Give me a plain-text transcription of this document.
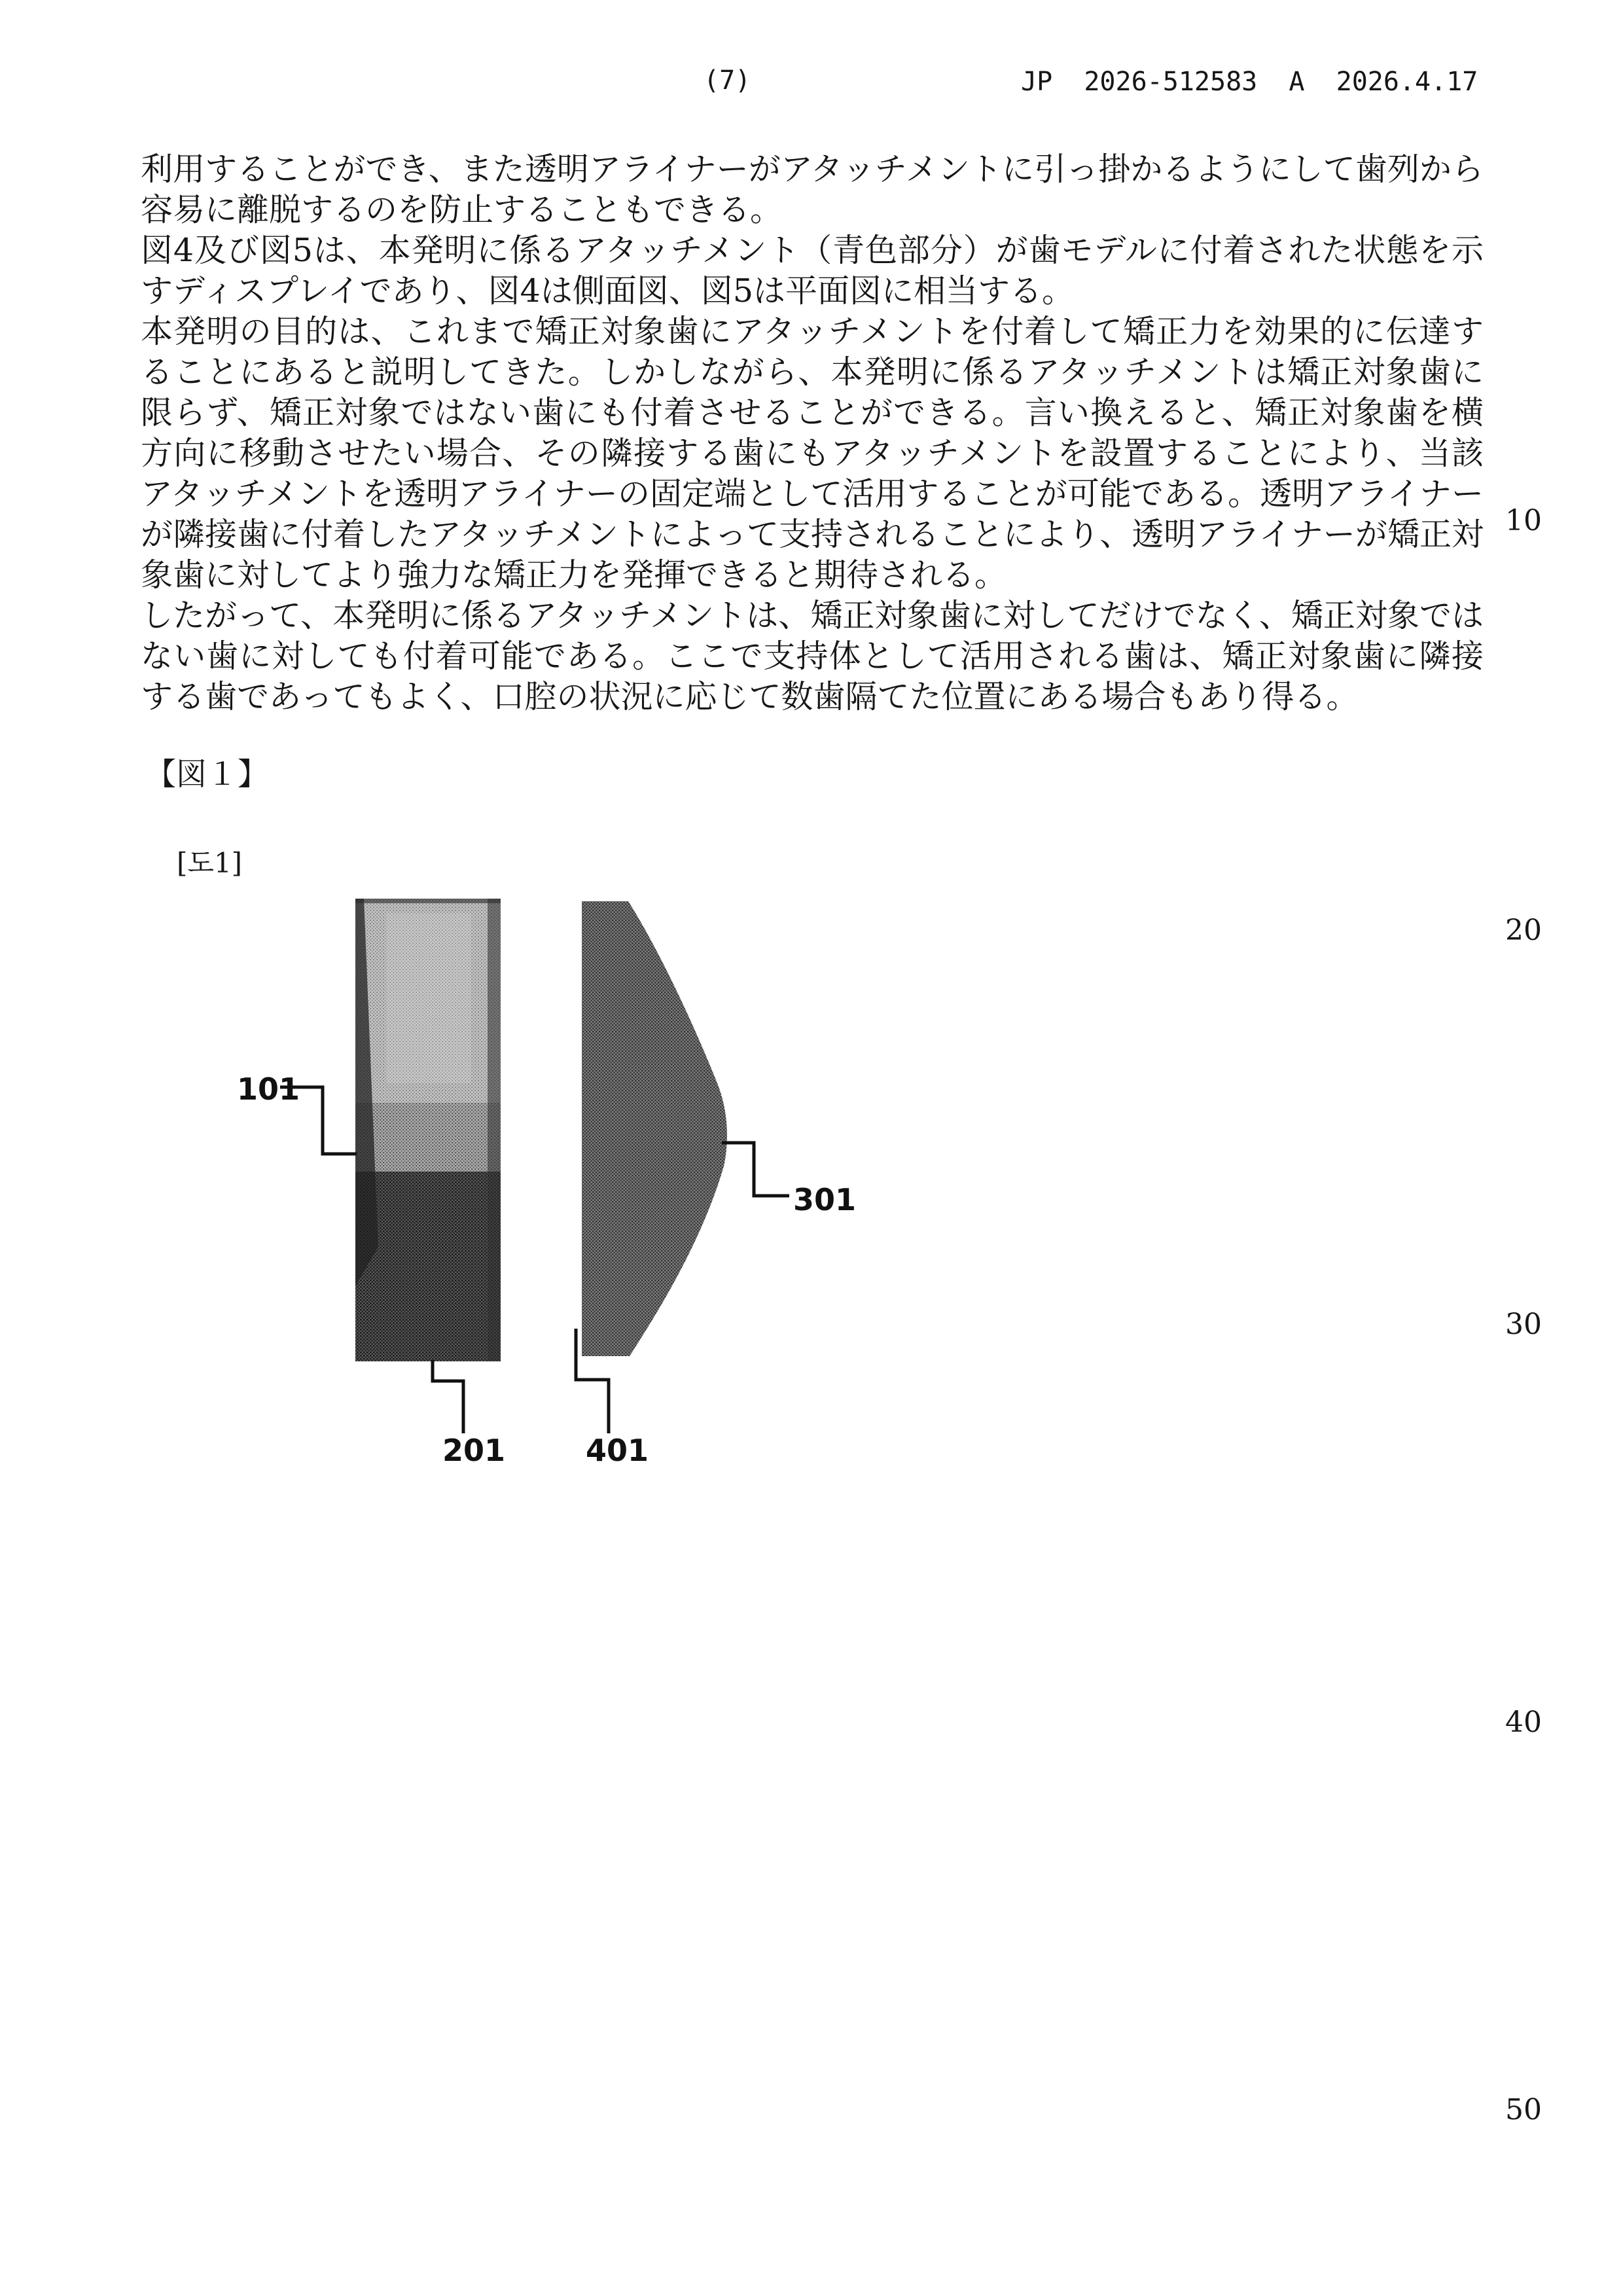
(7)	JP  2026-512583  A  2026.4.17

利用することができ、また透明アライナーがアタッチメントに引っ掛かるようにして歯列から容易に離脱するのを防止することもできる。

図4及び図5は、本発明に係るアタッチメント（青色部分）が歯モデルに付着された状態を示すディスプレイであり、図4は側面図、図5は平面図に相当する。

本発明の目的は、これまで矯正対象歯にアタッチメントを付着して矯正力を効果的に伝達することにあると説明してきた。しかしながら、本発明に係るアタッチメントは矯正対象歯に限らず、矯正対象ではない歯にも付着させることができる。言い換えると、矯正対象歯を横方向に移動させたい場合、その隣接する歯にもアタッチメントを設置することにより、当該アタッチメントを透明アライナーの固定端として活用することが可能である。透明アライナーが隣接歯に付着したアタッチメントによって支持されることにより、透明アライナーが矯正対象歯に対してより強力な矯正力を発揮できると期待される。

したがって、本発明に係るアタッチメントは、矯正対象歯に対してだけでなく、矯正対象ではない歯に対しても付着可能である。ここで支持体として活用される歯は、矯正対象歯に隣接する歯であってもよく、口腔の状況に応じて数歯隔てた位置にある場合もあり得る。

【図１】
[도1]
10
20
30
40
50
101
201
301
401
